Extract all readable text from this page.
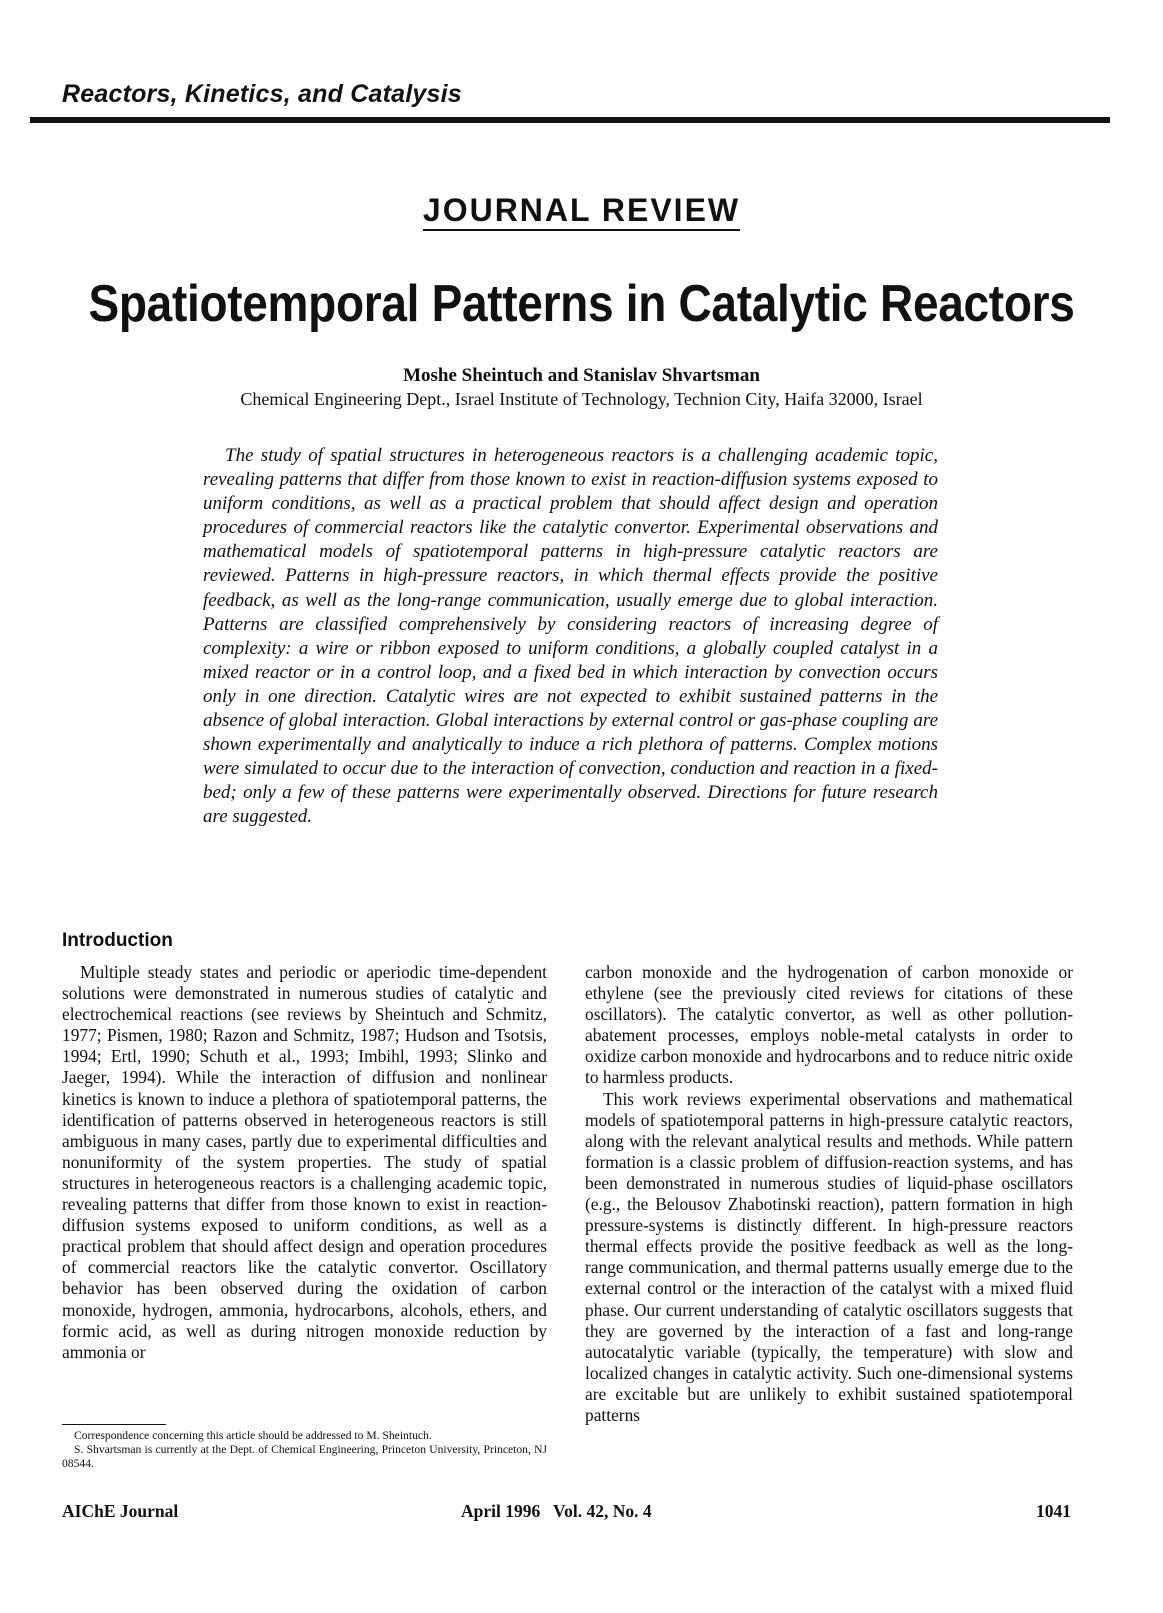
Reactors, Kinetics, and Catalysis
JOURNAL REVIEW
Spatiotemporal Patterns in Catalytic Reactors
Moshe Sheintuch and Stanislav Shvartsman
Chemical Engineering Dept., Israel Institute of Technology, Technion City, Haifa 32000, Israel

The study of spatial structures in heterogeneous reactors is a challenging academic topic, revealing patterns that differ from those known to exist in reaction-diffusion systems exposed to uniform conditions, as well as a practical problem that should affect design and operation procedures of commercial reactors like the catalytic convertor. Experimental observations and mathematical models of spatiotemporal patterns in high-pressure catalytic reactors are reviewed. Patterns in high-pressure reactors, in which thermal effects provide the positive feedback, as well as the long-range communication, usually emerge due to global interaction. Patterns are classified comprehensively by considering reactors of increasing degree of complexity: a wire or ribbon exposed to uniform conditions, a globally coupled catalyst in a mixed reactor or in a control loop, and a fixed bed in which interaction by convection occurs only in one direction. Catalytic wires are not expected to exhibit sustained patterns in the absence of global interaction. Global interactions by external control or gas-phase coupling are shown experimentally and analytically to induce a rich plethora of patterns. Complex motions were simulated to occur due to the interaction of convection, conduction and reaction in a fixed-bed; only a few of these patterns were experimentally observed. Directions for future research are suggested.

Introduction

Multiple steady states and periodic or aperiodic time-dependent solutions were demonstrated in numerous studies of catalytic and electrochemical reactions (see reviews by Sheintuch and Schmitz, 1977; Pismen, 1980; Razon and Schmitz, 1987; Hudson and Tsotsis, 1994; Ertl, 1990; Schuth et al., 1993; Imbihl, 1993; Slinko and Jaeger, 1994). While the interaction of diffusion and nonlinear kinetics is known to induce a plethora of spatiotemporal patterns, the identification of patterns observed in heterogeneous reactors is still ambiguous in many cases, partly due to experimental difficulties and nonuniformity of the system properties. The study of spatial structures in heterogeneous reactors is a challenging academic topic, revealing patterns that differ from those known to exist in reaction-diffusion systems exposed to uniform conditions, as well as a practical problem that should affect design and operation procedures of commercial reactors like the catalytic convertor. Oscillatory behavior has been observed during the oxidation of carbon monoxide, hydrogen, ammonia, hydrocarbons, alcohols, ethers, and formic acid, as well as during nitrogen monoxide reduction by ammonia or

carbon monoxide and the hydrogenation of carbon monoxide or ethylene (see the previously cited reviews for citations of these oscillators). The catalytic convertor, as well as other pollution-abatement processes, employs noble-metal catalysts in order to oxidize carbon monoxide and hydrocarbons and to reduce nitric oxide to harmless products.

This work reviews experimental observations and mathematical models of spatiotemporal patterns in high-pressure catalytic reactors, along with the relevant analytical results and methods. While pattern formation is a classic problem of diffusion-reaction systems, and has been demonstrated in numerous studies of liquid-phase oscillators (e.g., the Belousov Zhabotinski reaction), pattern formation in high pressure-systems is distinctly different. In high-pressure reactors thermal effects provide the positive feedback as well as the long-range communication, and thermal patterns usually emerge due to the external control or the interaction of the catalyst with a mixed fluid phase. Our current understanding of catalytic oscillators suggests that they are governed by the interaction of a fast and long-range autocatalytic variable (typically, the temperature) with slow and localized changes in catalytic activity. Such one-dimensional systems are excitable but are unlikely to exhibit sustained spatiotemporal patterns

Correspondence concerning this article should be addressed to M. Sheintuch.

S. Shvartsman is currently at the Dept. of Chemical Engineering, Princeton University, Princeton, NJ 08544.

AIChE Journal	April 1996   Vol. 42, No. 4	1041
